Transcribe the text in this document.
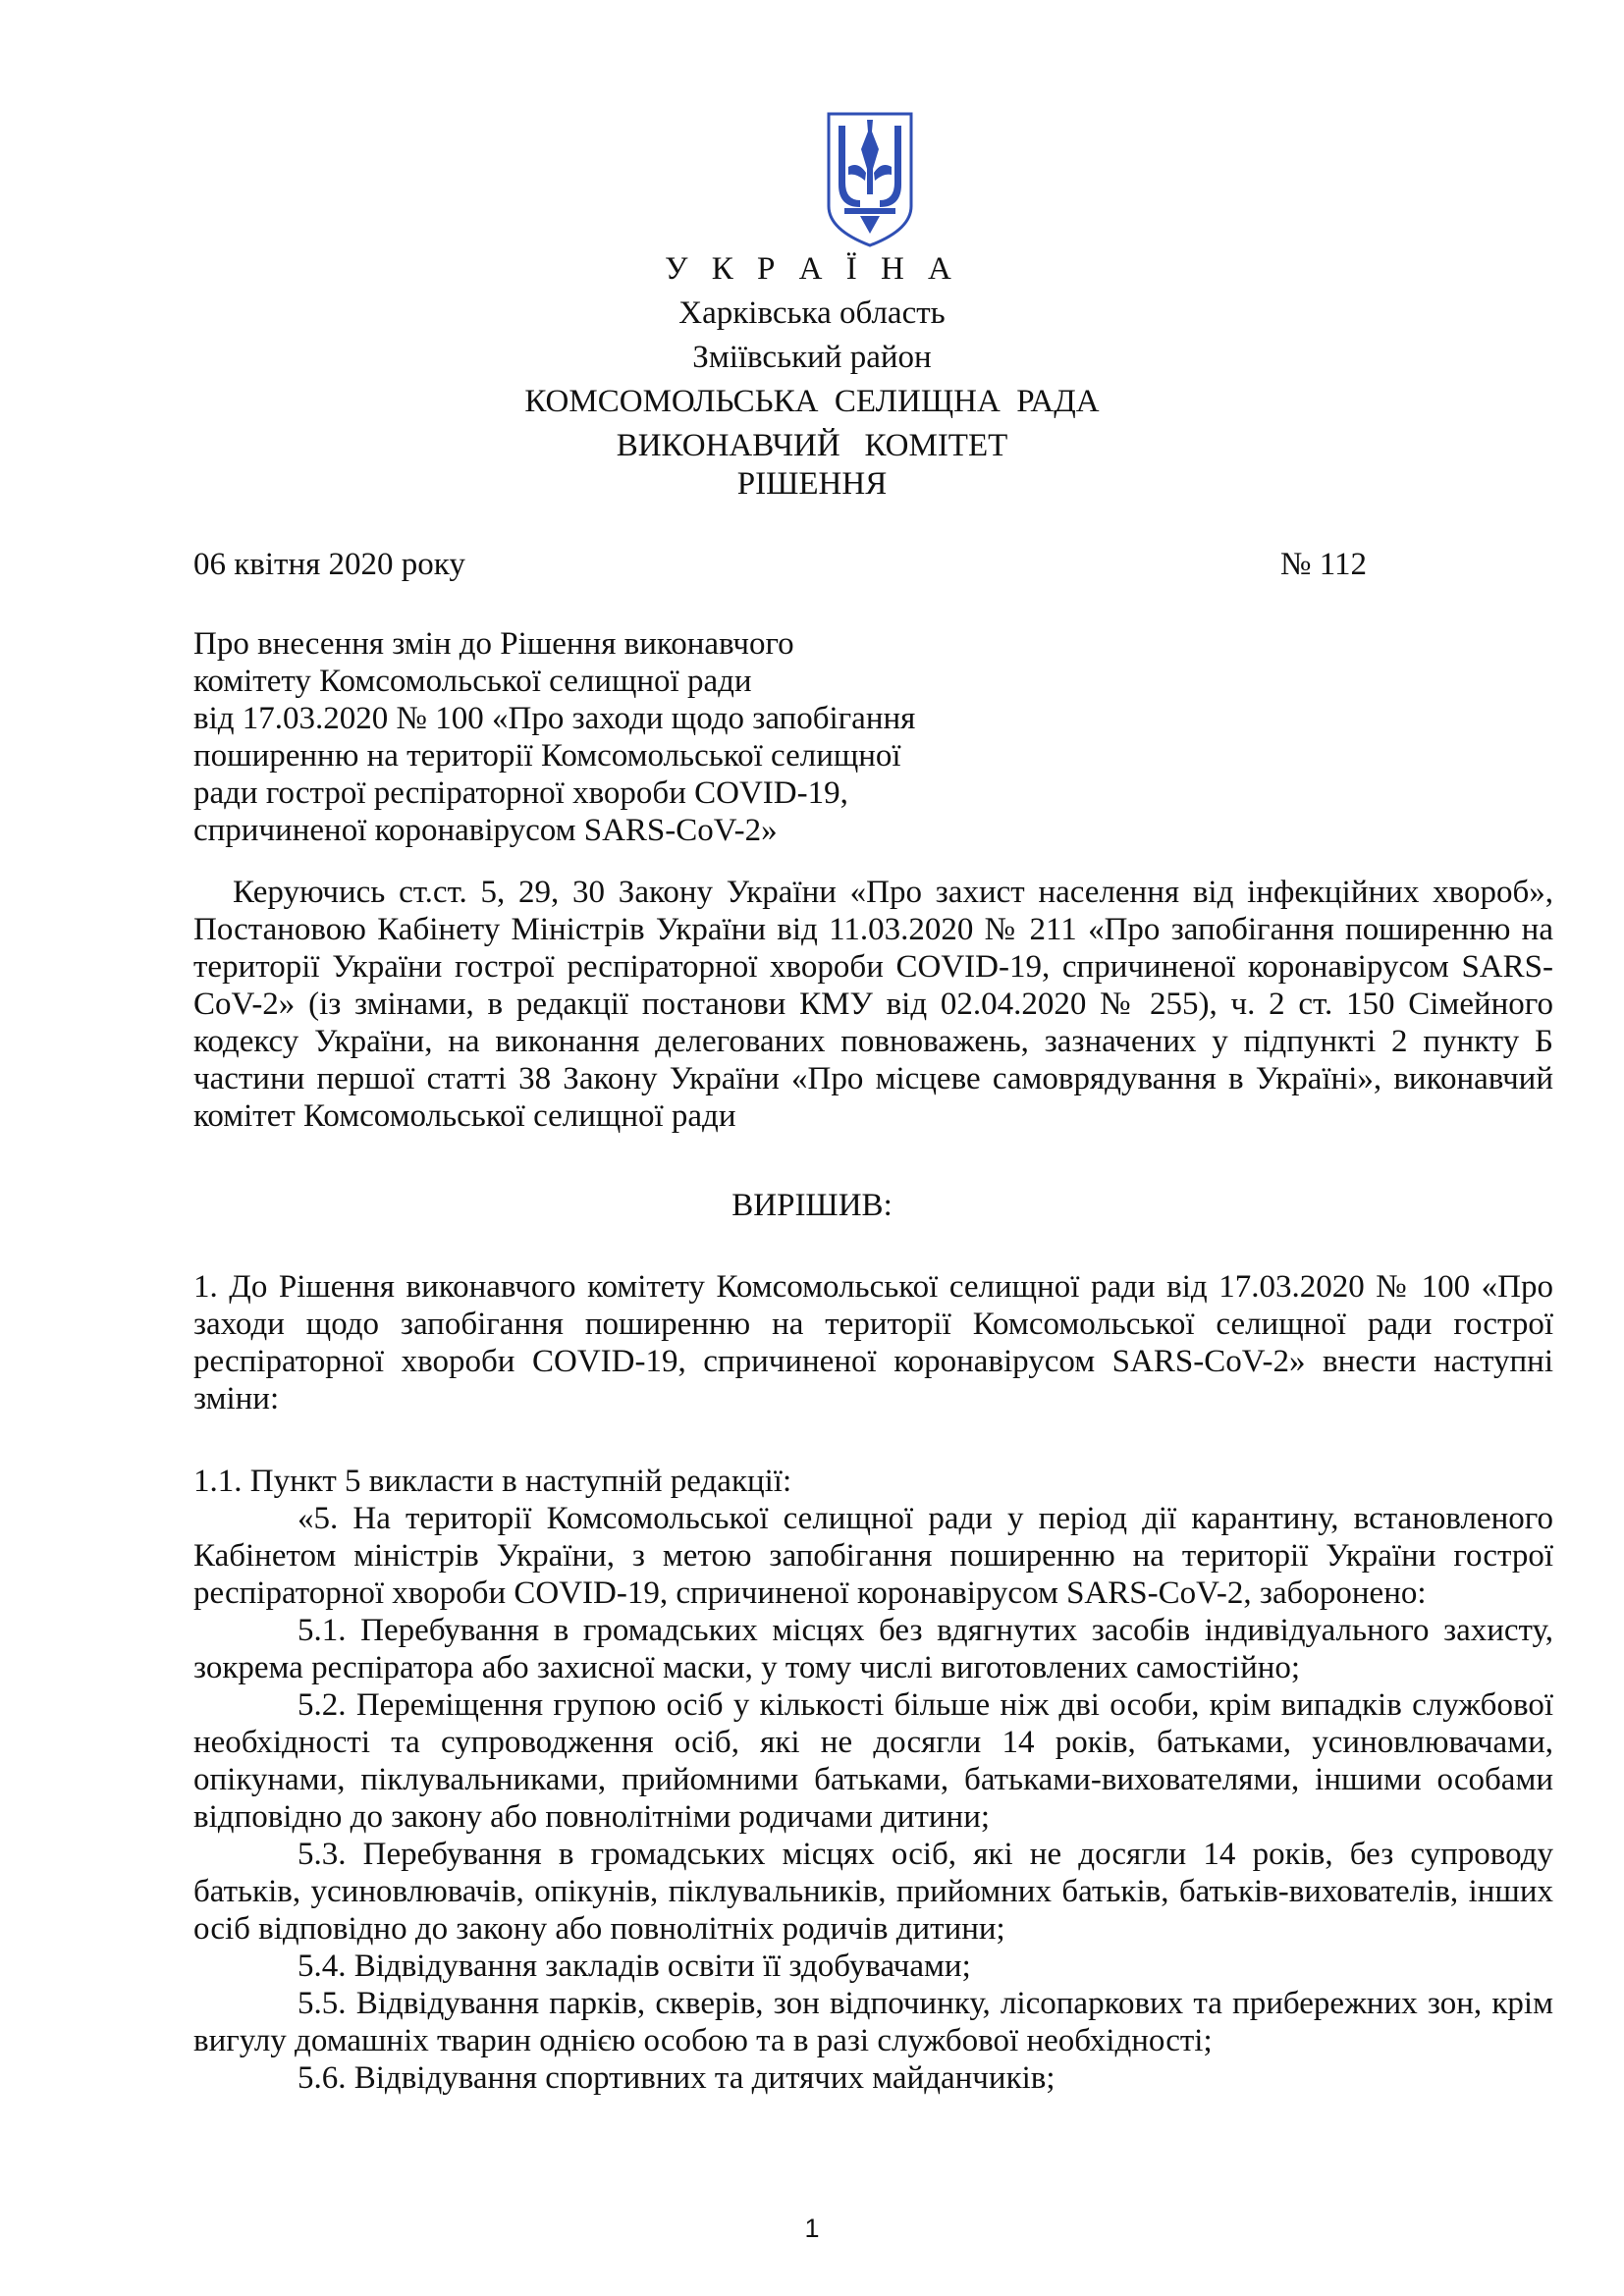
У К Р А Ї Н А
Харківська область
Зміївський район
КОМСОМОЛЬСЬКА  СЕЛИЩНА  РАДА
ВИКОНАВЧИЙ   КОМІТЕТ
РІШЕННЯ
06 квітня 2020 року	№ 112
Про внесення змін до Рішення виконавчого
комітету Комсомольської селищної ради
від 17.03.2020 № 100 «Про заходи щодо запобігання
поширенню на території Комсомольської селищної
ради гострої респіраторної хвороби COVID-19,
спричиненої коронавірусом SARS-CoV-2»
Керуючись ст.ст. 5, 29, 30 Закону України «Про захист населення від інфекційних хвороб», Постановою Кабінету Міністрів України від 11.03.2020 № 211 «Про запобігання поширенню на території України гострої респіраторної хвороби COVID-19, спричиненої коронавірусом SARS-CoV-2» (із змінами, в редакції постанови КМУ від 02.04.2020 № 255), ч. 2 ст. 150 Сімейного кодексу України, на виконання делегованих повноважень, зазначених у підпункті 2 пункту Б частини першої статті 38 Закону України «Про місцеве самоврядування в Україні», виконавчий комітет Комсомольської селищної ради
ВИРІШИВ:
1. До Рішення виконавчого комітету Комсомольської селищної ради від 17.03.2020 № 100 «Про заходи щодо запобігання поширенню на території Комсомольської селищної ради гострої респіраторної хвороби COVID-19, спричиненої коронавірусом SARS-CoV-2» внести наступні зміни:
1.1. Пункт 5 викласти в наступній редакції:

«5. На території Комсомольської селищної ради у період дії карантину, встановленого Кабінетом міністрів України, з метою запобігання поширенню на території України гострої респіраторної хвороби COVID-19, спричиненої коронавірусом SARS-CoV-2, заборонено:

5.1. Перебування в громадських місцях без вдягнутих засобів індивідуального захисту, зокрема респіратора або захисної маски, у тому числі виготовлених самостійно;

5.2. Переміщення групою осіб у кількості більше ніж дві особи, крім випадків службової необхідності та супроводження осіб, які не досягли 14 років, батьками, усиновлювачами, опікунами, піклувальниками, прийомними батьками, батьками-вихователями, іншими особами відповідно до закону або повнолітніми родичами дитини;

5.3. Перебування в громадських місцях осіб, які не досягли 14 років, без супроводу батьків, усиновлювачів, опікунів, піклувальників, прийомних батьків, батьків-вихователів, інших осіб відповідно до закону або повнолітніх родичів дитини;

5.4. Відвідування закладів освіти її здобувачами;

5.5. Відвідування парків, скверів, зон відпочинку, лісопаркових та прибережних зон, крім вигулу домашніх тварин однією особою та в разі службової необхідності;

5.6. Відвідування спортивних та дитячих майданчиків;

1
